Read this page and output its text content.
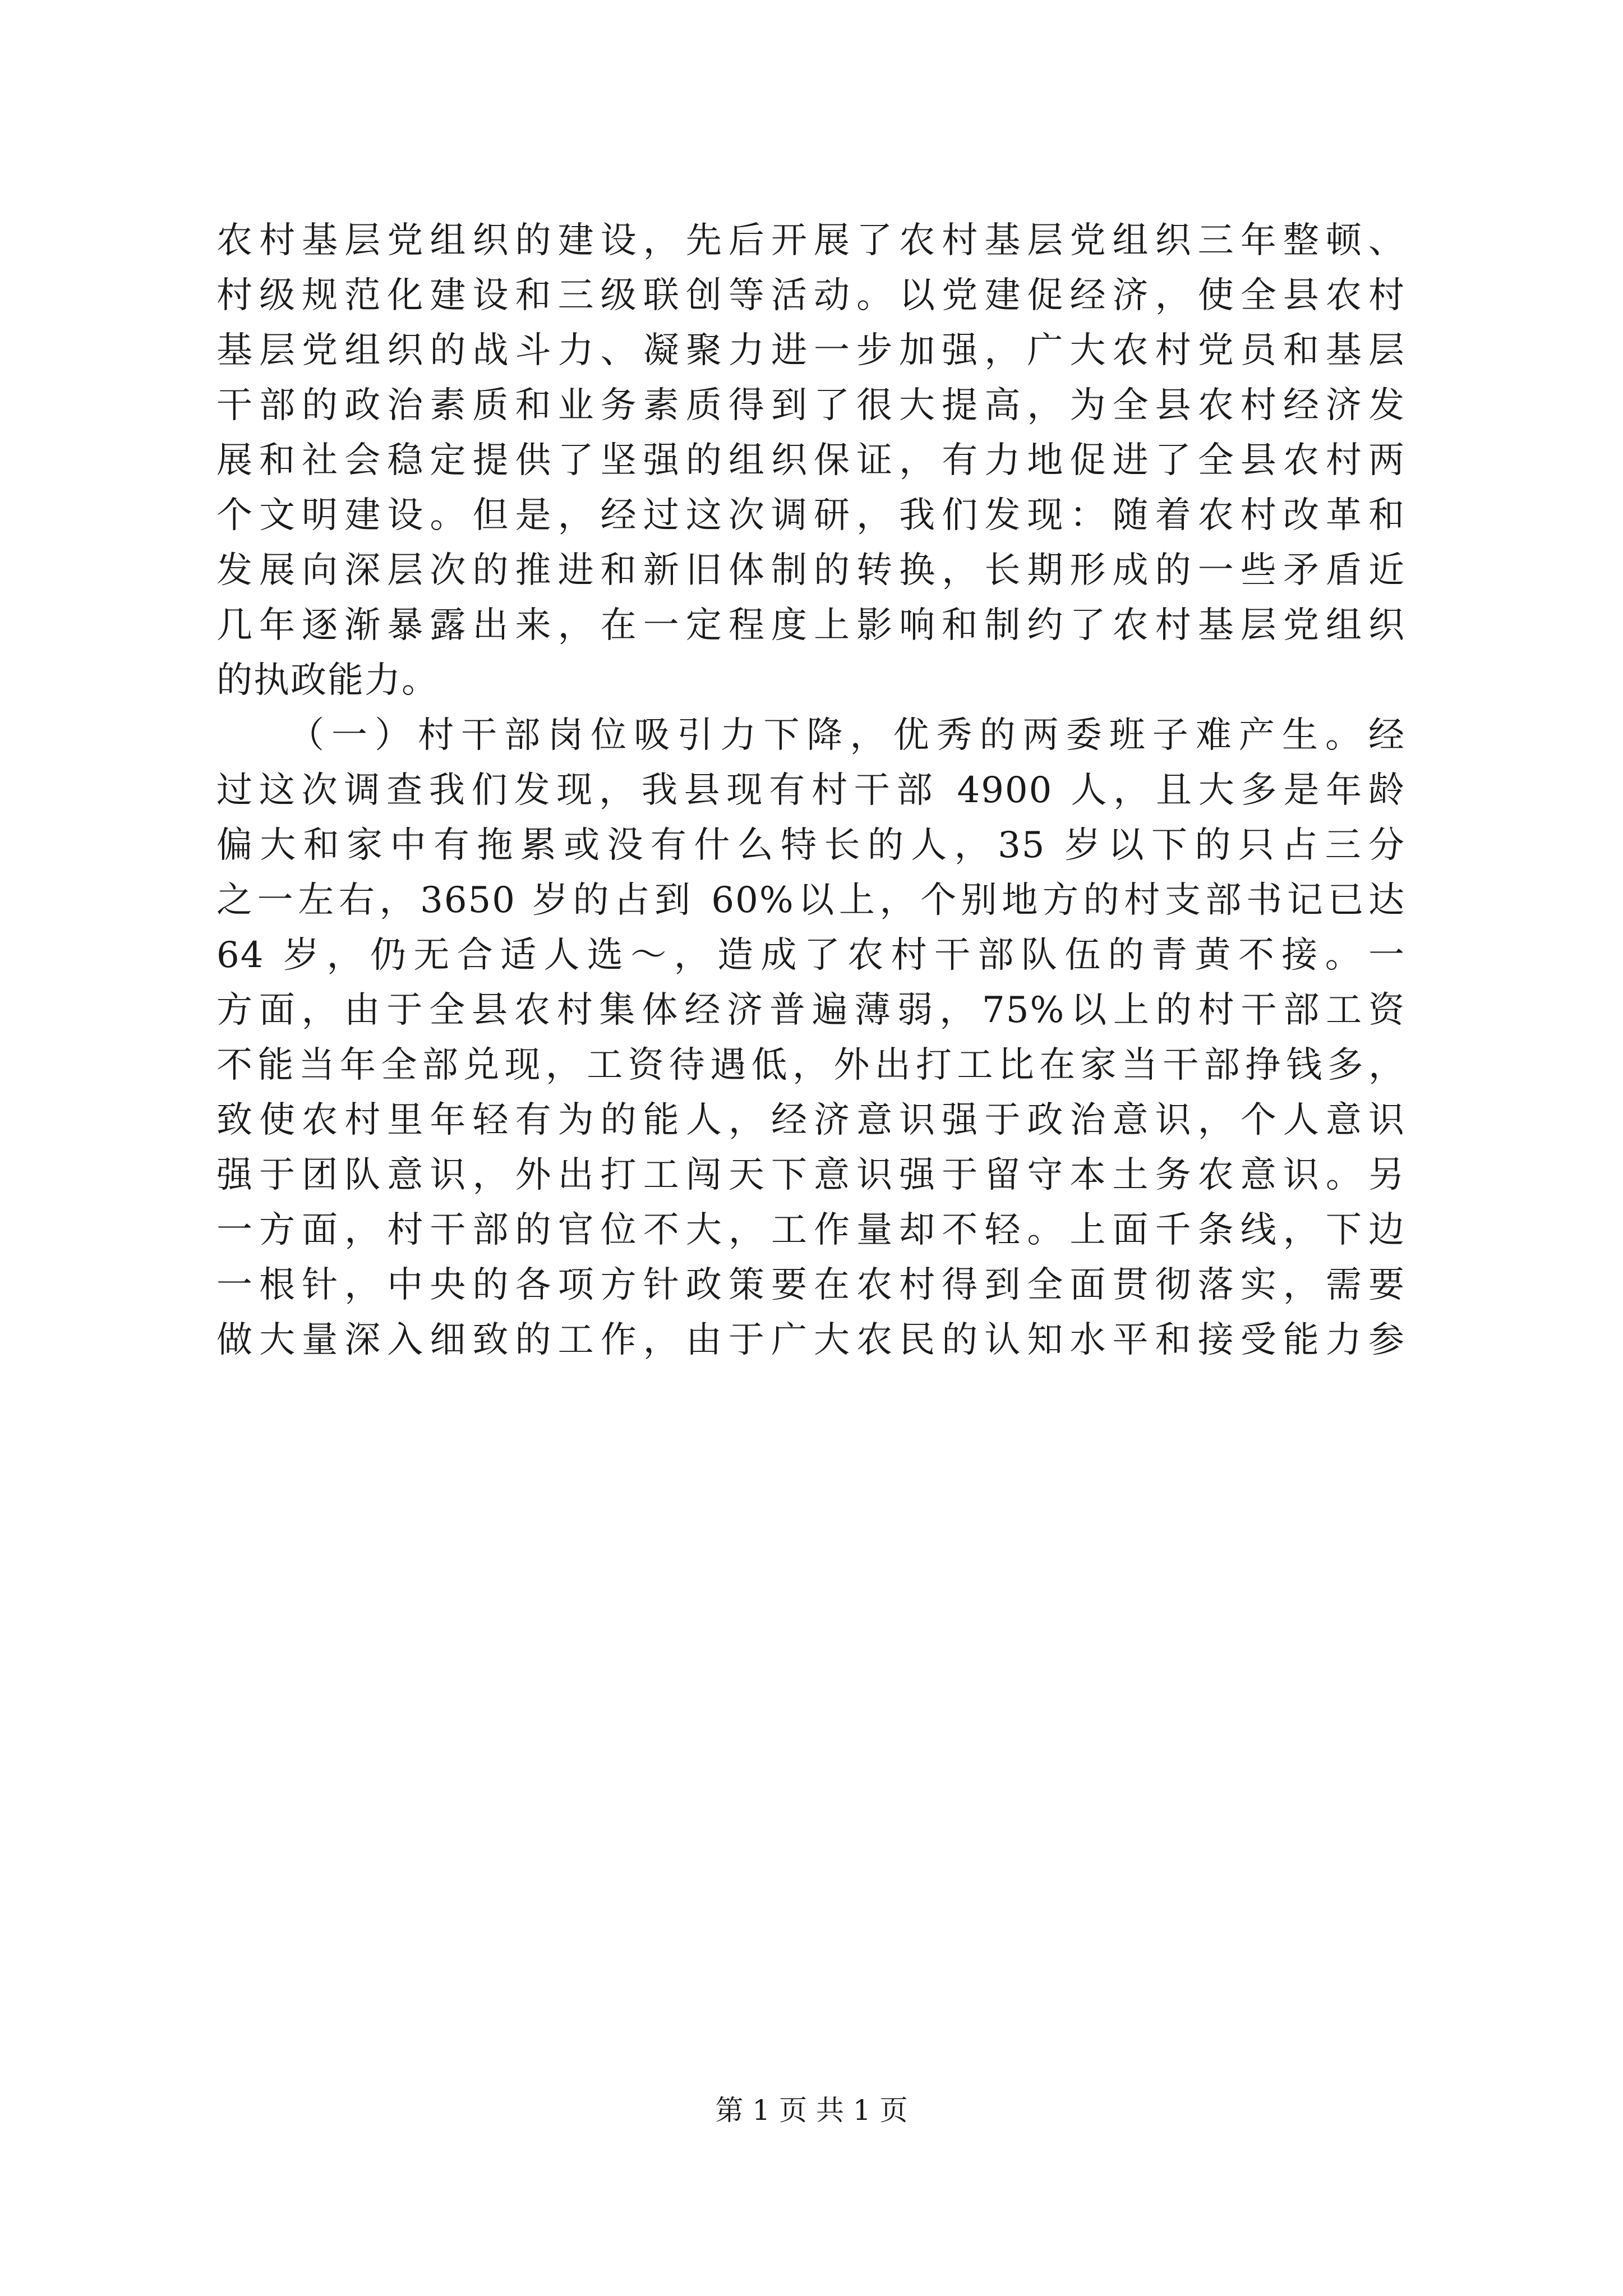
农村基层党组织的建设，先后开展了农村基层党组织三年整顿、
村级规范化建设和三级联创等活动。以党建促经济，使全县农村
基层党组织的战斗力、凝聚力进一步加强，广大农村党员和基层
干部的政治素质和业务素质得到了很大提高，为全县农村经济发
展和社会稳定提供了坚强的组织保证，有力地促进了全县农村两
个文明建设。但是，经过这次调研，我们发现：随着农村改革和
发展向深层次的推进和新旧体制的转换，长期形成的一些矛盾近
几年逐渐暴露出来，在一定程度上影响和制约了农村基层党组织
的执政能力。
（一）村干部岗位吸引力下降，优秀的两委班子难产生。经
过这次调查我们发现，我县现有村干部 4900 人，且大多是年龄
偏大和家中有拖累或没有什么特长的人，35 岁以下的只占三分
之一左右，3650 岁的占到 60%以上，个别地方的村支部书记已达
64 岁，仍无合适人选～，造成了农村干部队伍的青黄不接。一
方面，由于全县农村集体经济普遍薄弱，75%以上的村干部工资
不能当年全部兑现，工资待遇低，外出打工比在家当干部挣钱多，
致使农村里年轻有为的能人，经济意识强于政治意识，个人意识
强于团队意识，外出打工闯天下意识强于留守本土务农意识。另
一方面，村干部的官位不大，工作量却不轻。上面千条线，下边
一根针，中央的各项方针政策要在农村得到全面贯彻落实，需要
做大量深入细致的工作，由于广大农民的认知水平和接受能力参
第 1 页 共 1 页
